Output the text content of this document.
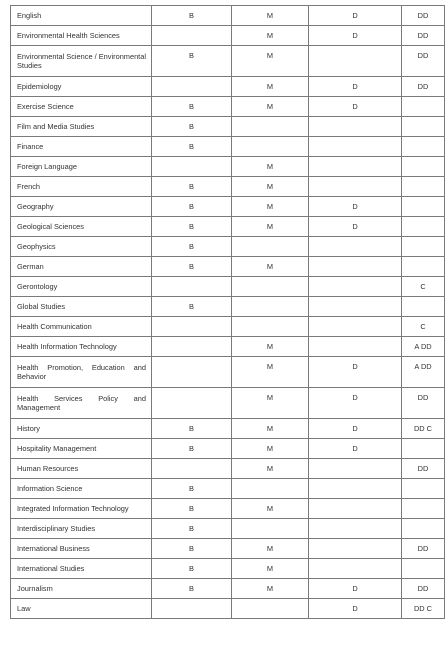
English	B	M	D	DD
Environmental Health Sciences		M	D	DD
Environmental Science / Environmental Studies	B	M		DD
Epidemiology		M	D	DD
Exercise Science	B	M	D	
Film and Media Studies	B			
Finance	B			
Foreign Language		M		
French	B	M		
Geography	B	M	D	
Geological Sciences	B	M	D	
Geophysics	B			
German	B	M		
Gerontology				C
Global Studies	B			
Health Communication				C
Health Information Technology		M		A DD
Health Promotion, Education and Behavior		M	D	A DD
Health Services Policy and Management		M	D	DD
History	B	M	D	DD C
Hospitality Management	B	M	D	
Human Resources		M		DD
Information Science	B			
Integrated Information Technology	B	M		
Interdisciplinary Studies	B			
International Business	B	M		DD
International Studies	B	M		
Journalism	B	M	D	DD
Law			D	DD C
